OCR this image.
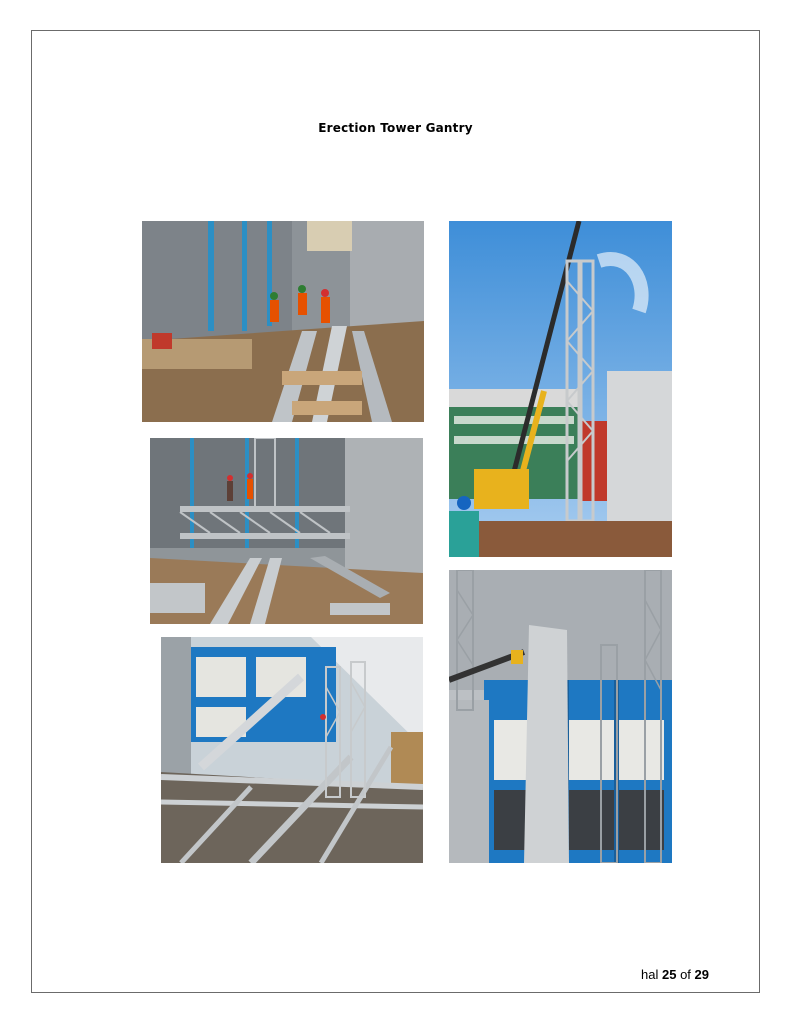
Erection Tower Gantry
hal 25 of 29
